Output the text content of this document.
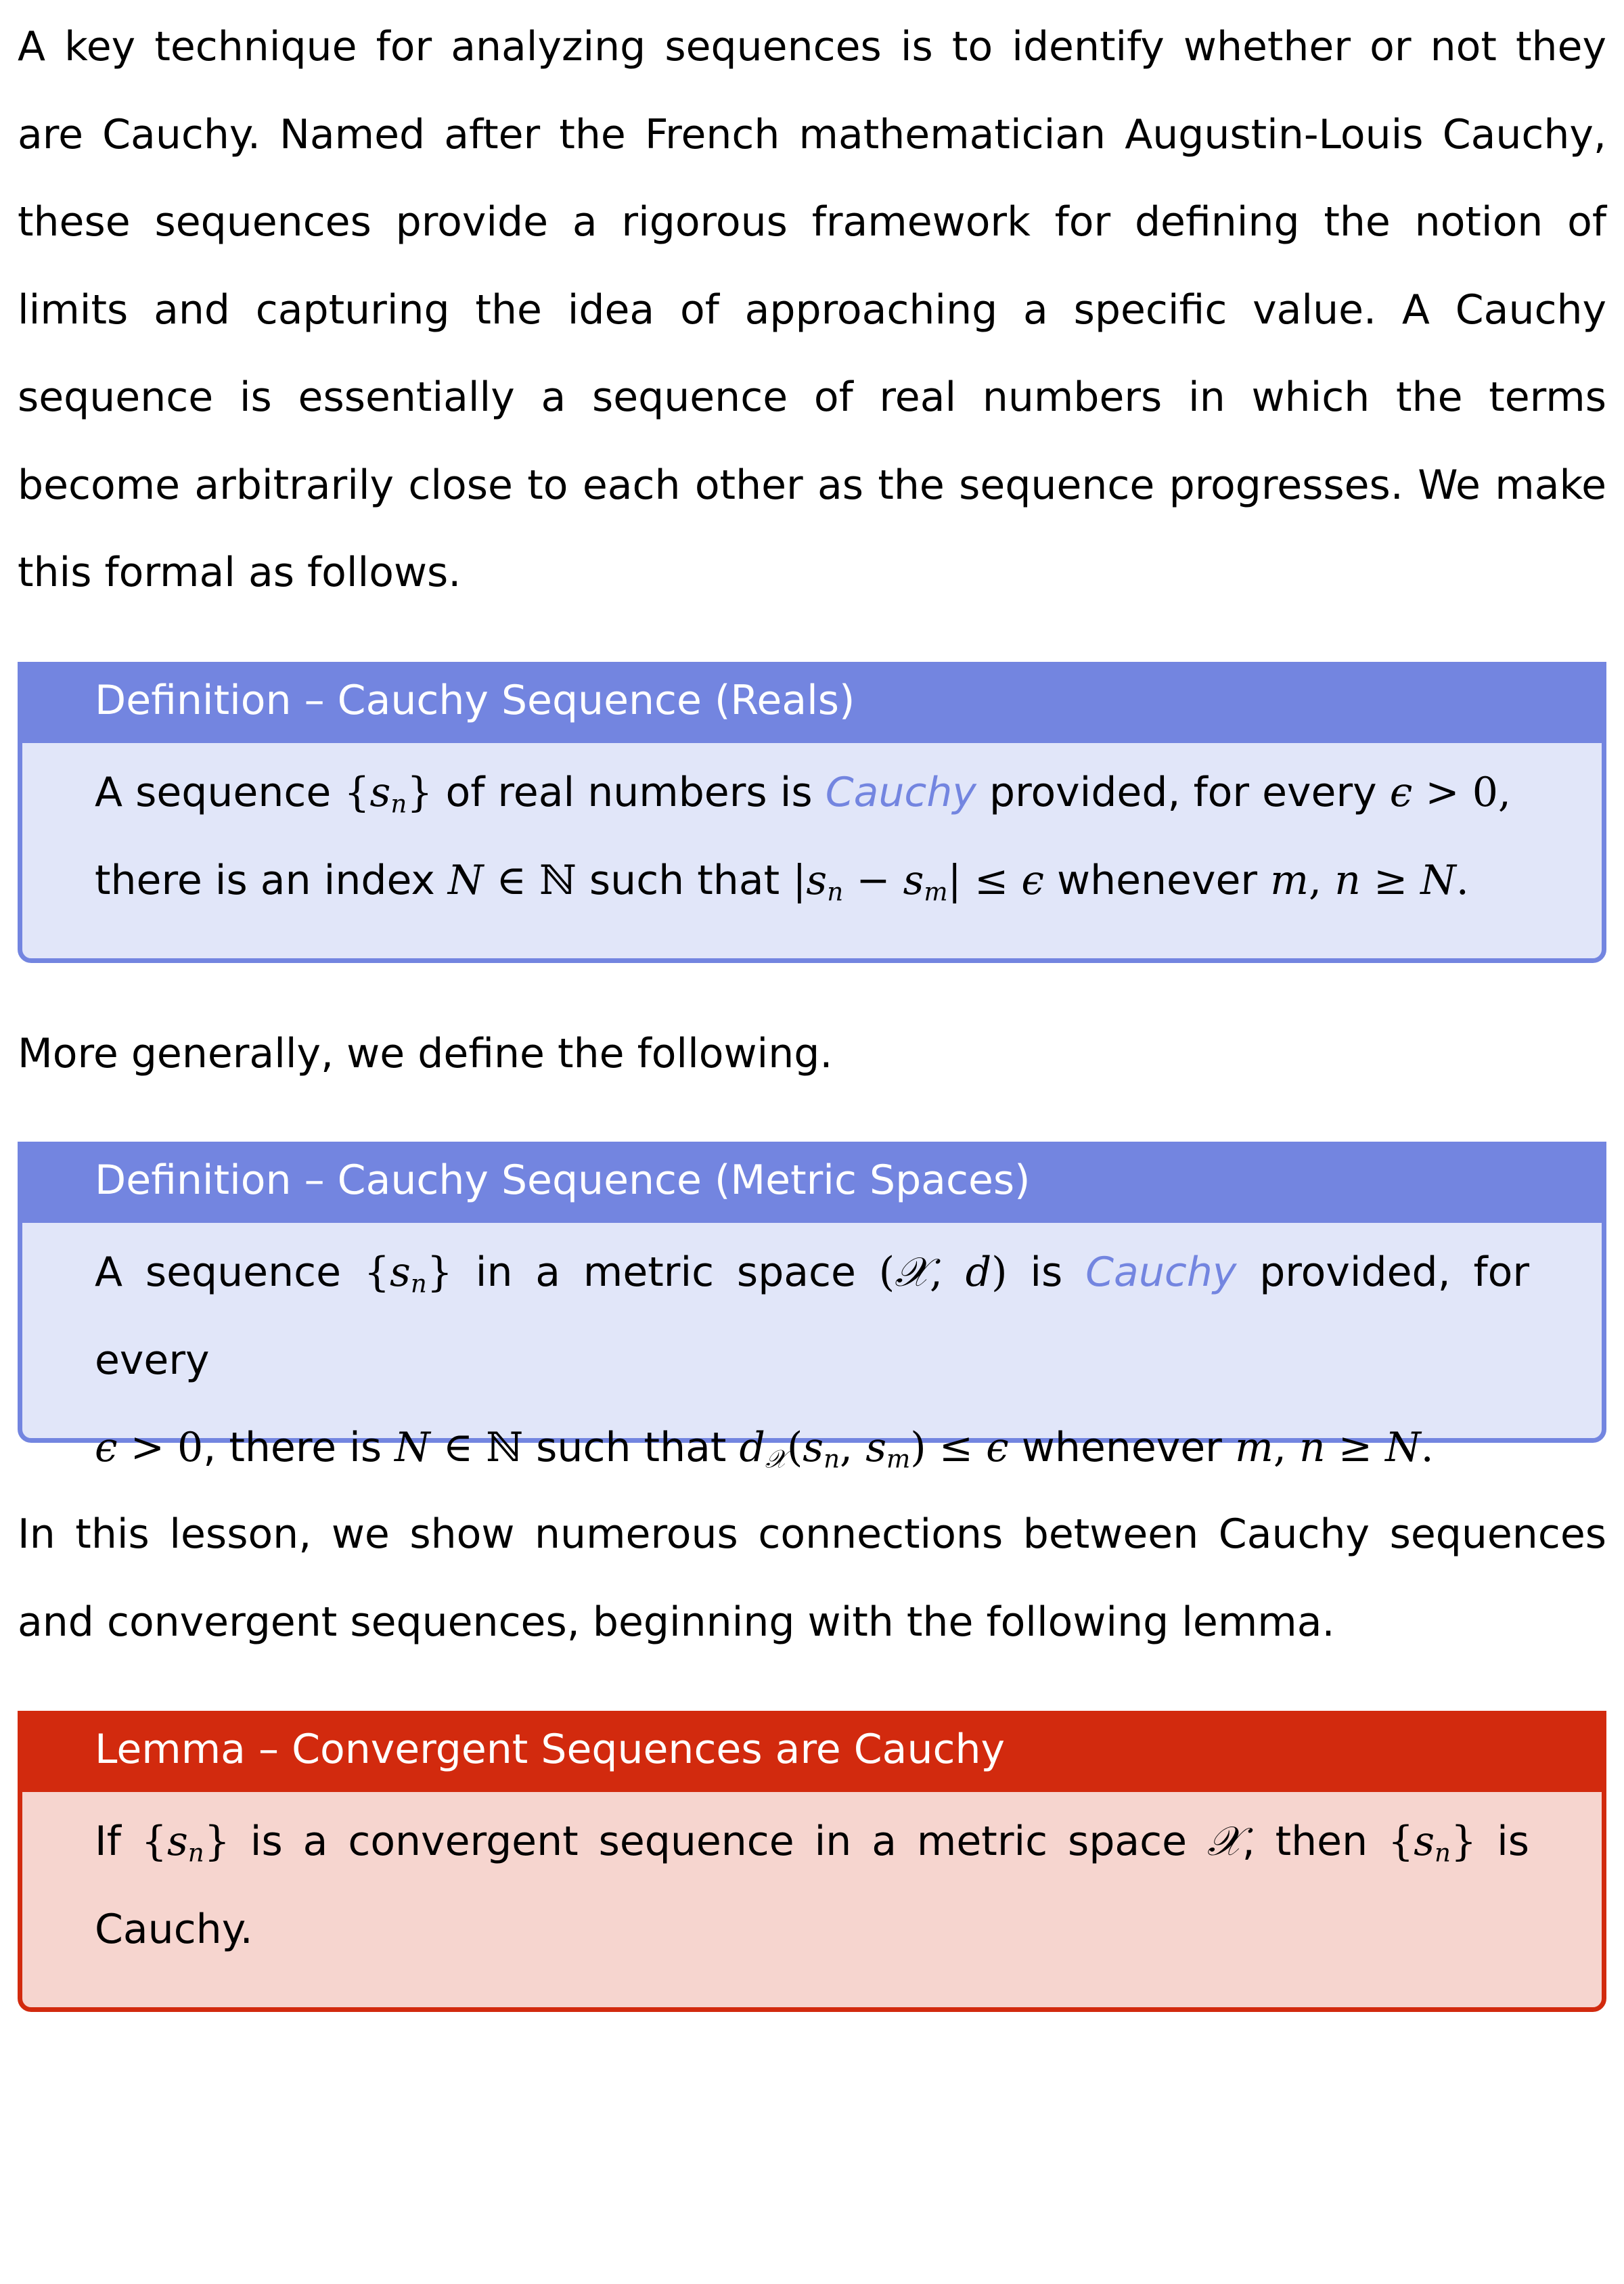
A key technique for analyzing sequences is to identify whether or not they are Cauchy. Named after the French mathematician Augustin-Louis Cauchy, these sequences provide a rigorous framework for defining the notion of limits and capturing the idea of approaching a specific value. A Cauchy sequence is essentially a sequence of real numbers in which the terms become arbitrarily close to each other as the sequence progresses. We make this formal as follows.

Definition – Cauchy Sequence (Reals)
A sequence $\{s_n\}$ of real numbers is Cauchy provided, for every ϵ > 0,
there is an index N ∈ ℕ such that $|s_n - s_m| \le \epsilon$ whenever m, n ≥ N.

More generally, we define the following.

Definition – Cauchy Sequence (Metric Spaces)
A sequence $\{s_n\}$ in a metric space (𝒳, d) is Cauchy provided, for every
ϵ > 0, there is N ∈ ℕ such that $d_𝒳(s_n$, $s_m) \le \epsilon$ whenever m, n ≥ N.

In this lesson, we show numerous connections between Cauchy sequences and convergent sequences, beginning with the following lemma.

Lemma – Convergent Sequences are Cauchy
If $\{s_n\}$ is a convergent sequence in a metric space 𝒳, then $\{s_n\}$ is Cauchy.
